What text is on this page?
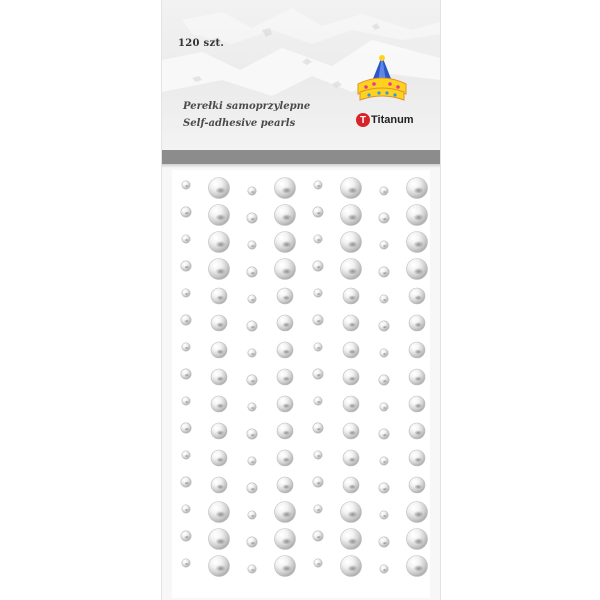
120 szt.
Perełki samoprzylepne
Self-adhesive pearls	T Titanum
